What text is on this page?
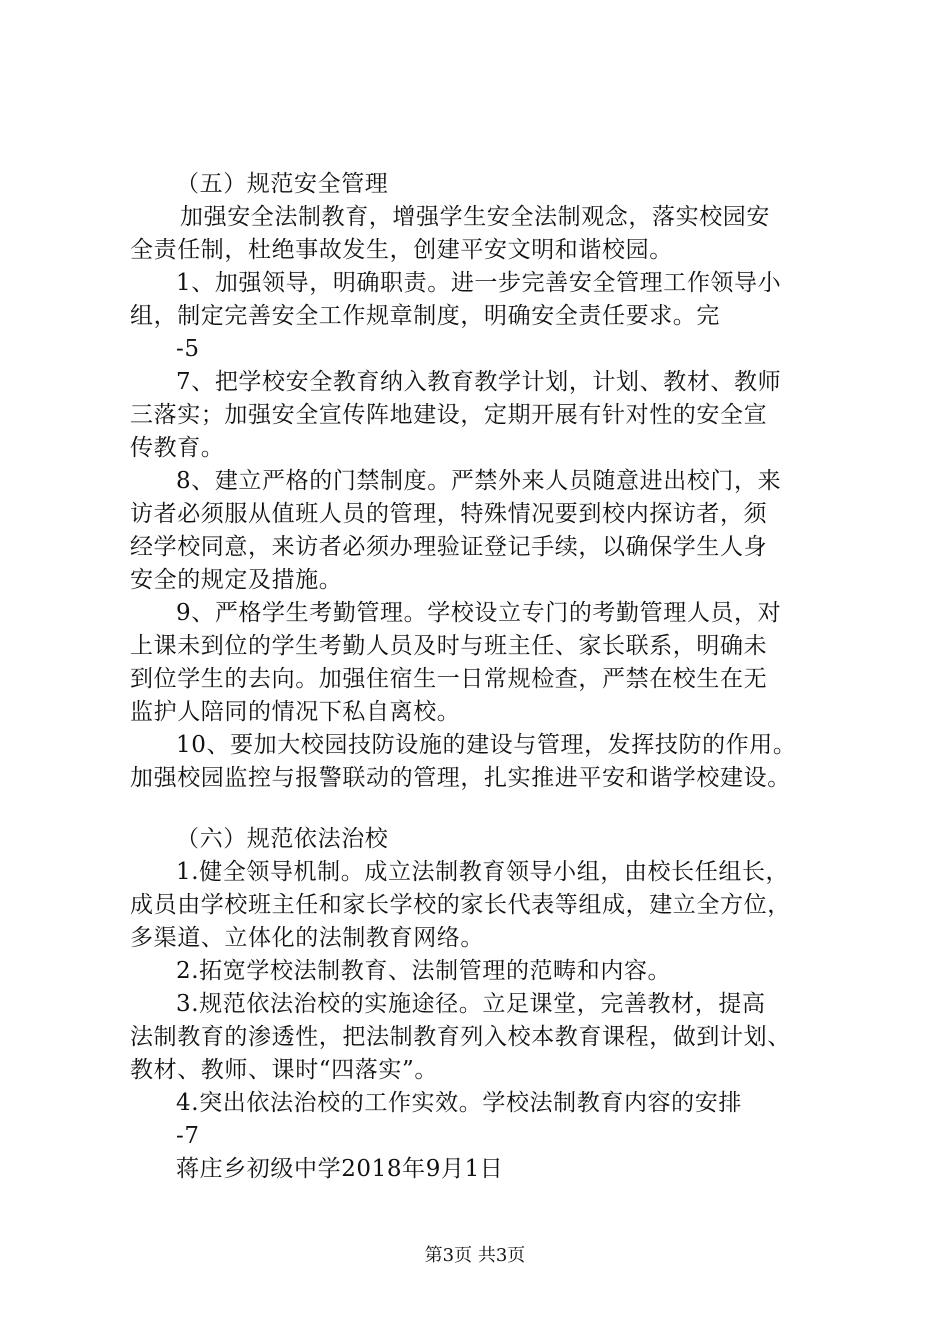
（五）规范安全管理
加强安全法制教育，增强学生安全法制观念，落实校园安
全责任制，杜绝事故发生，创建平安文明和谐校园。
1、加强领导，明确职责。进一步完善安全管理工作领导小
组，制定完善安全工作规章制度，明确安全责任要求。完
-5
7、把学校安全教育纳入教育教学计划，计划、教材、教师
三落实；加强安全宣传阵地建设，定期开展有针对性的安全宣
传教育。
8、建立严格的门禁制度。严禁外来人员随意进出校门，来
访者必须服从值班人员的管理，特殊情况要到校内探访者，须
经学校同意，来访者必须办理验证登记手续，以确保学生人身
安全的规定及措施。
9、严格学生考勤管理。学校设立专门的考勤管理人员，对
上课未到位的学生考勤人员及时与班主任、家长联系，明确未
到位学生的去向。加强住宿生一日常规检查，严禁在校生在无
监护人陪同的情况下私自离校。
10、要加大校园技防设施的建设与管理，发挥技防的作用。
加强校园监控与报警联动的管理，扎实推进平安和谐学校建设。
（六）规范依法治校
1.健全领导机制。成立法制教育领导小组，由校长任组长，
成员由学校班主任和家长学校的家长代表等组成，建立全方位，
多渠道、立体化的法制教育网络。
2.拓宽学校法制教育、法制管理的范畴和内容。
3.规范依法治校的实施途径。立足课堂，完善教材，提高
法制教育的渗透性，把法制教育列入校本教育课程，做到计划、
教材、教师、课时“四落实”。
4.突出依法治校的工作实效。学校法制教育内容的安排
-7
蒋庄乡初级中学2018年9月1日
第3页 共3页
